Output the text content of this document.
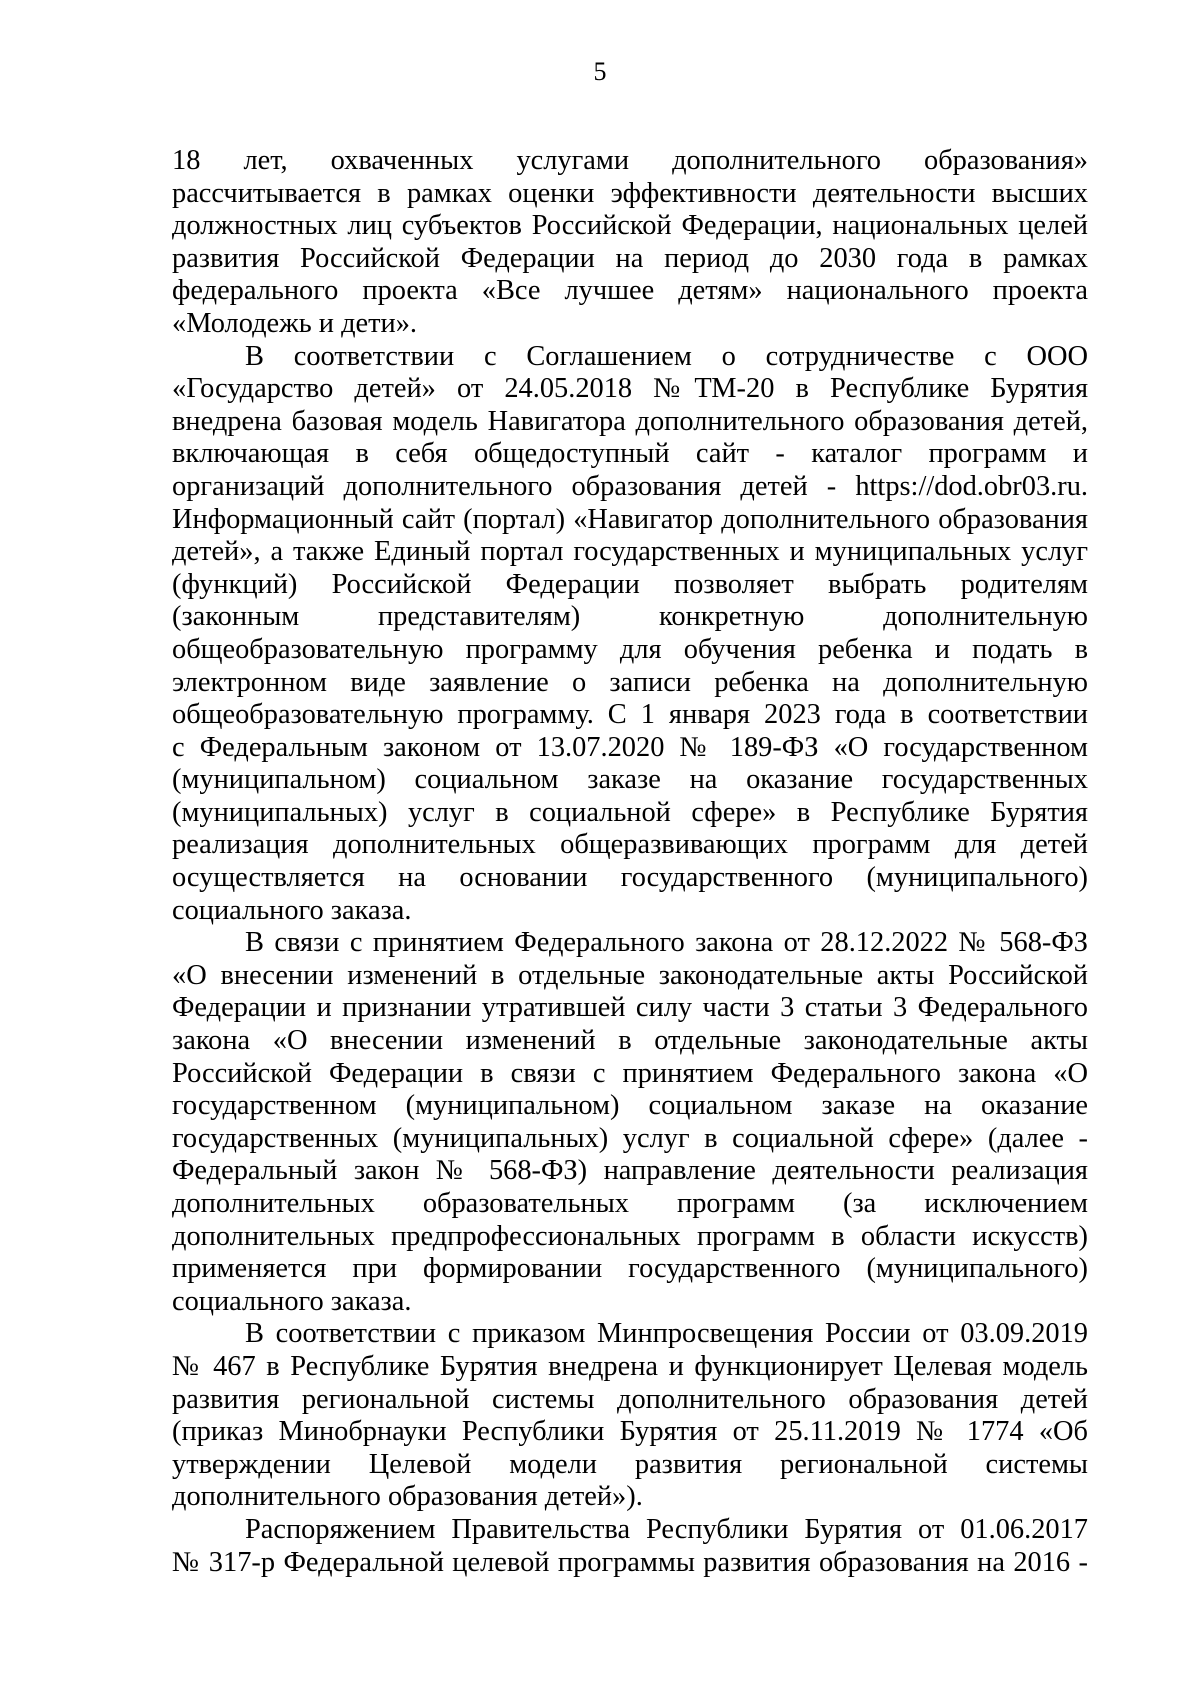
5

18 лет, охваченных услугами дополнительного образования»
рассчитывается в рамках оценки эффективности деятельности высших
должностных лиц субъектов Российской Федерации, национальных целей
развития Российской Федерации на период до 2030 года в рамках
федерального проекта «Все лучшее детям» национального проекта
«Молодежь и дети».

В соответствии с Соглашением о сотрудничестве с ООО
«Государство детей» от 24.05.2018 №ТМ-20 в Республике Бурятия
внедрена базовая модель Навигатора дополнительного образования детей,
включающая в себя общедоступный сайт - каталог программ и
организаций дополнительного образования детей - https://dod.obr03.ru.
Информационный сайт (портал) «Навигатор дополнительного образования
детей», а также Единый портал государственных и муниципальных услуг
(функций) Российской Федерации позволяет выбрать родителям
(законным представителям) конкретную дополнительную
общеобразовательную программу для обучения ребенка и подать в
электронном виде заявление о записи ребенка на дополнительную
общеобразовательную программу. С 1 января 2023 года в соответствии
с Федеральным законом от 13.07.2020 № 189-ФЗ «О государственном
(муниципальном) социальном заказе на оказание государственных
(муниципальных) услуг в социальной сфере» в Республике Бурятия
реализация дополнительных общеразвивающих программ для детей
осуществляется на основании государственного (муниципального)
социального заказа.

В связи с принятием Федерального закона от 28.12.2022 № 568-ФЗ
«О внесении изменений в отдельные законодательные акты Российской
Федерации и признании утратившей силу части 3 статьи 3 Федерального
закона «О внесении изменений в отдельные законодательные акты
Российской Федерации в связи с принятием Федерального закона «О
государственном (муниципальном) социальном заказе на оказание
государственных (муниципальных) услуг в социальной сфере» (далее -
Федеральный закон № 568-ФЗ) направление деятельности реализация
дополнительных образовательных программ (за исключением
дополнительных предпрофессиональных программ в области искусств)
применяется при формировании государственного (муниципального)
социального заказа.

В соответствии с приказом Минпросвещения России от 03.09.2019
№ 467 в Республике Бурятия внедрена и функционирует Целевая модель
развития региональной системы дополнительного образования детей
(приказ Минобрнауки Республики Бурятия от 25.11.2019 № 1774 «Об
утверждении Целевой модели развития региональной системы
дополнительного образования детей»).

Распоряжением Правительства Республики Бурятия от 01.06.2017
№ 317-р Федеральной целевой программы развития образования на 2016 -
